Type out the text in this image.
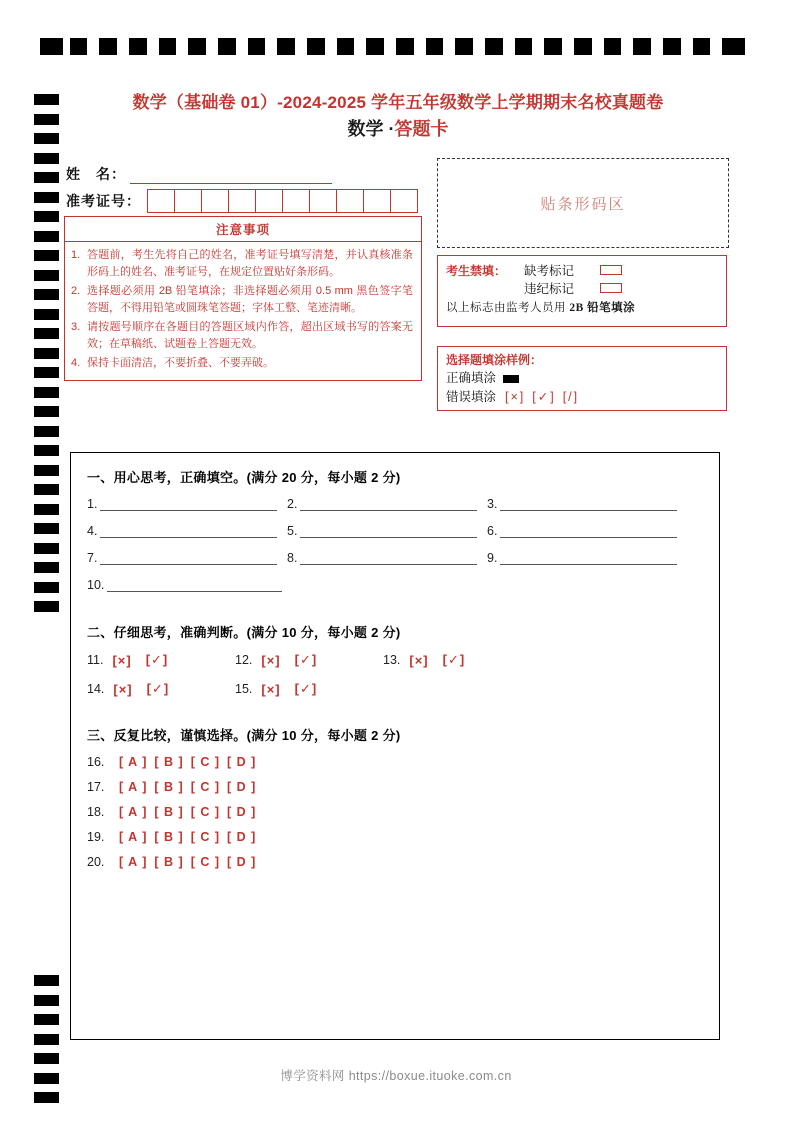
数学（基础卷 01）-2024-2025 学年五年级数学上学期期末名校真题卷
数学 ·答题卡
姓　名：
准考证号：	贴条形码区
注意事项
1. 答题前，考生先将自己的姓名，准考证号填写清楚，并认真核准条形码上的姓名、准考证号，在规定位置贴好条形码。
2. 选择题必须用 2B 铅笔填涂；非选择题必须用 0.5 mm 黑色签字笔答题，不得用铅笔或圆珠笔答题；字体工整、笔迹清晰。
3. 请按题号顺序在各题目的答题区域内作答，超出区域书写的答案无效；在草稿纸、试题卷上答题无效。
4. 保持卡面清洁，不要折叠、不要弄破。
考生禁填：	缺考标记
违纪标记
以上标志由监考人员用 2B 铅笔填涂
选择题填涂样例：
正确填涂
错误填涂 [×] [✓] [/]
一、用心思考，正确填空。(满分 20 分，每小题 2 分)
1.	2.	3.
4.	5.	6.
7.	8.	9.
10.
二、仔细思考，准确判断。(满分 10 分，每小题 2 分)
11. [×] [✓]	12. [×] [✓]	13. [×] [✓]
14. [×] [✓]	15. [×] [✓]
三、反复比较，谨慎选择。(满分 10 分，每小题 2 分)
16.	[ A ] [ B ] [ C ] [ D ]
17.	[ A ] [ B ] [ C ] [ D ]
18.	[ A ] [ B ] [ C ] [ D ]
19.	[ A ] [ B ] [ C ] [ D ]
20.	[ A ] [ B ] [ C ] [ D ]
博学资料网 https://boxue.ituoke.com.cn
